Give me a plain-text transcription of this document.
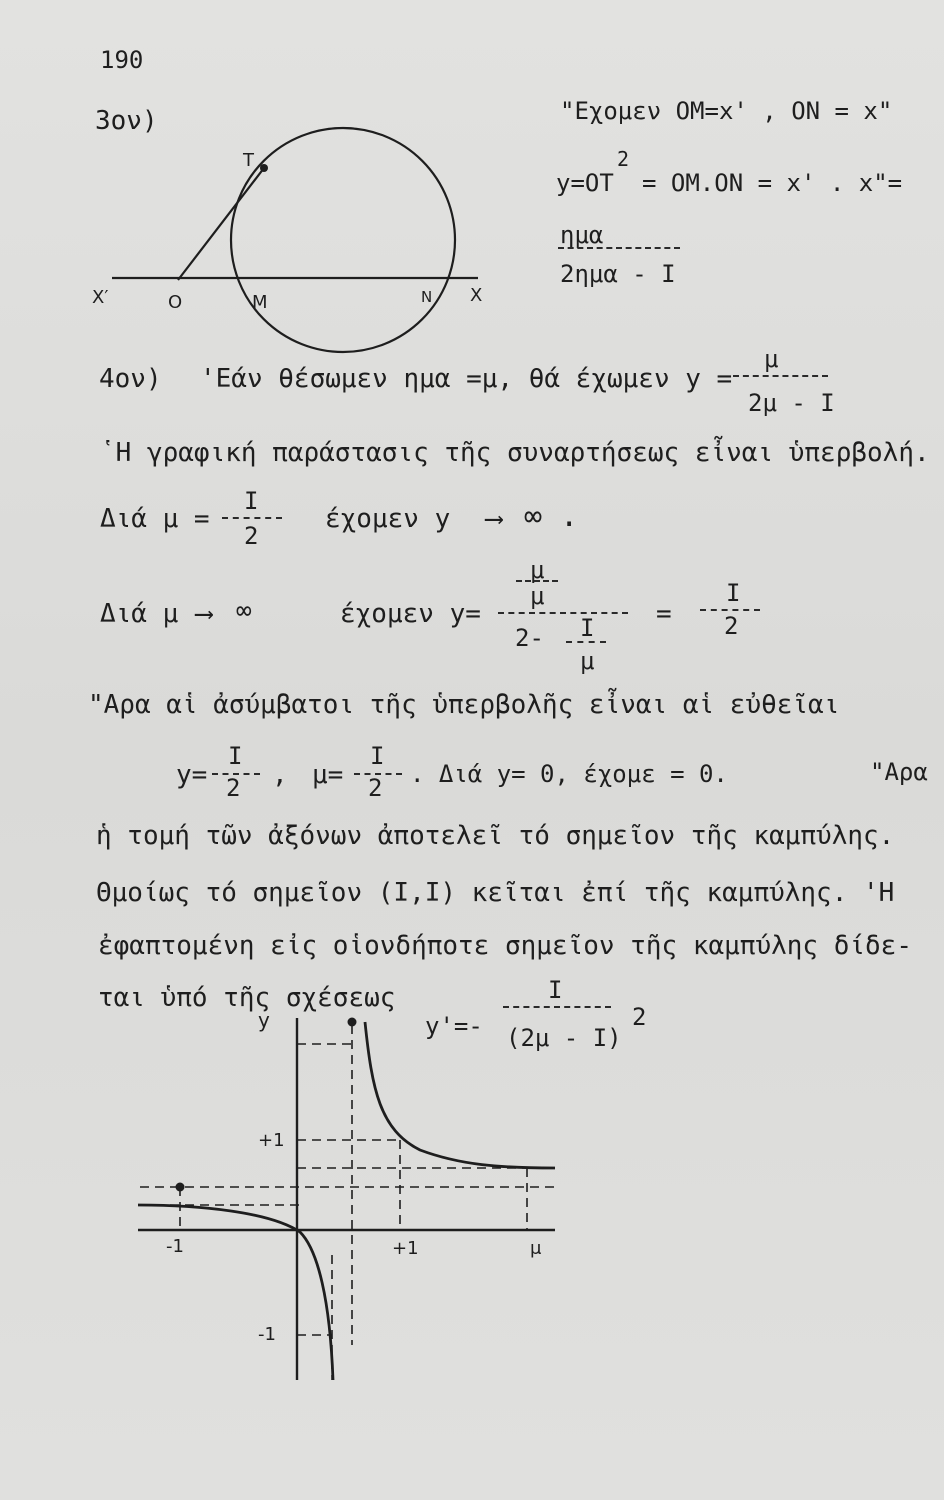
190
3ον)
Τ
Χ′	Ο	Μ	Ν Χ
"Εχομεν ΟΜ=x' , ΟΝ = x"
y=ΟΤ
2
= ΟΜ.ΟΝ = x' . x"=
ημα
2ημα - Ι
4ον) 'Εάν θέσωμεν ημα =μ, θά έχωμεν y =
μ
2μ - Ι
῾Η γραφική παράστασις τῆς συναρτήσεως εἶναι ὑπερβολή.
Διά μ =
Ι
2
έχομεν y ⟶ ∞ .
Διά μ ⟶ ∞	έχομεν y=
μ
μ
2- Ι
μ
=
Ι
2
"Αρα αἱ ἀσύμβατοι τῆς ὑπερβολῆς εἶναι αἱ εὐθεῖαι
y=
Ι
2 , μ=
Ι
2 . Διά y= 0, έχομε = 0.	"Αρα
ἡ τομή τῶν ἀξόνων ἀποτελεῖ τό σημεῖον τῆς καμπύλης.
Θμοίως τό σημεῖον (Ι,Ι) κεῖται ἐπί τῆς καμπύλης. 'Η
ἐφαπτομένη εἰς οἱονδήποτε σημεῖον τῆς καμπύλης δίδε-
ται ὑπό τῆς σχέσεως
y'=-
Ι
(2μ - Ι)
2
y
+1
-1	+1	μ
-1
